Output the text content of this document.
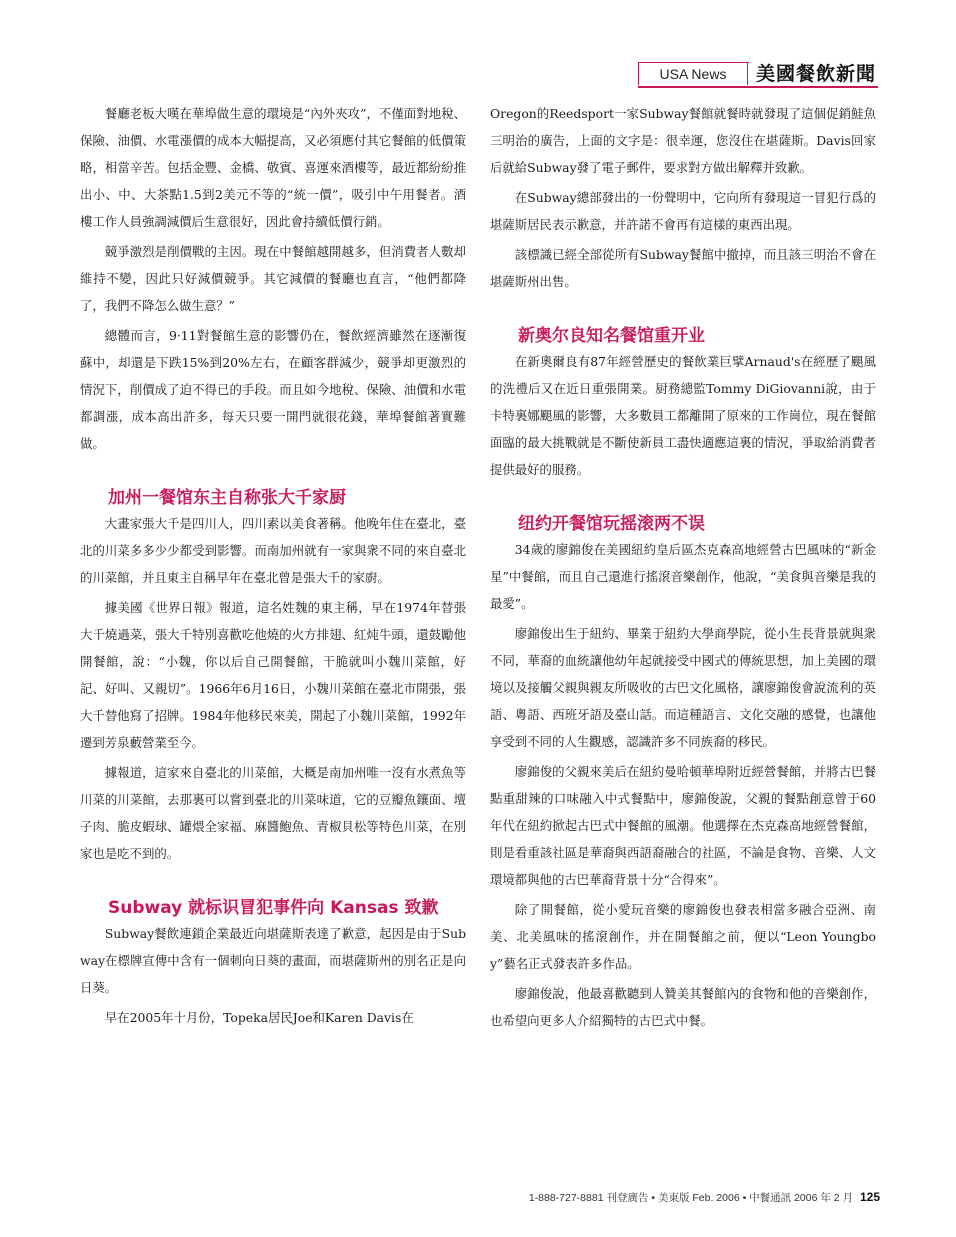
USA News	美國餐飲新聞

餐廳老板大嘆在華埠做生意的環境是“內外夾攻”，不僅面對地稅、保險、油價、水電漲價的成本大幅提高，又必須應付其它餐館的低價策略，相當辛苦。包括金豐、金橋、敬賓、喜運來酒樓等，最近都紛紛推出小、中、大茶點1.5到2美元不等的“統一價”，吸引中午用餐者。酒樓工作人員強調減價后生意很好，因此會持續低價行銷。

競爭激烈是削價戰的主因。現在中餐館越開越多，但消費者人數却維持不變，因此只好減價競爭。其它減價的餐廳也直言，“他們都降了，我們不降怎么做生意？”

總體而言，9·11對餐館生意的影響仍在，餐飲經濟雖然在逐漸復蘇中，却還是下跌15%到20%左右，在顧客群減少，競爭却更激烈的情況下，削價成了迫不得已的手段。而且如今地稅、保險、油價和水電都調漲，成本高出許多，每天只要一開門就很花錢，華埠餐館著實難做。

加州一餐馆东主自称张大千家厨

大畫家張大千是四川人，四川素以美食著稱。他晚年住在臺北，臺北的川菜多多少少都受到影響。而南加州就有一家與衆不同的來自臺北的川菜館，并且東主自稱早年在臺北曾是張大千的家廚。

據美國《世界日報》報道，這名姓魏的東主稱，早在1974年替張大千燒過菜，張大千特別喜歡吃他燒的火方排翅、紅炖牛頭，還鼓勵他開餐館，說：“小魏，你以后自己開餐館，干脆就叫小魏川菜館，好記、好叫、又親切”。1966年6月16日，小魏川菜館在臺北市開張，張大千替他寫了招牌。1984年他移民來美，開起了小魏川菜館，1992年遷到芳泉藪營業至今。

據報道，這家來自臺北的川菜館，大概是南加州唯一沒有水煮魚等川菜的川菜館，去那裏可以嘗到臺北的川菜味道，它的豆瓣魚鑲面、壇子肉、脆皮蝦球、罐煨全家福、麻醬鮑魚、青椒貝松等特色川菜，在別家也是吃不到的。

Subway 就标识冒犯事件向 Kansas 致歉

Subway餐飲連鎖企業最近向堪薩斯表達了歉意，起因是由于Subway在標牌宣傳中含有一個刺向日葵的畫面，而堪薩斯州的別名正是向日葵。

早在2005年十月份，Topeka居民Joe和Karen Davis在

Oregon的Reedsport一家Subway餐館就餐時就發現了這個促銷鮭魚三明治的廣告，上面的文字是：很幸運，您沒住在堪薩斯。Davis回家后就給Subway發了電子郵件，要求對方做出解釋并致歉。

在Subway總部發出的一份聲明中，它向所有發現這一冒犯行爲的堪薩斯居民表示歉意，并許諾不會再有這樣的東西出現。

該標識已經全部從所有Subway餐館中撤掉，而且該三明治不會在堪薩斯州出售。

新奥尔良知名餐馆重开业

在新奧爾良有87年經營歷史的餐飲業巨擘Arnaud's在經歷了颶風的洗禮后又在近日重張開業。厨務總監Tommy DiGiovanni說，由于卡特裏娜颶風的影響，大多數員工都離開了原來的工作崗位，現在餐館面臨的最大挑戰就是不斷使新員工盡快適應這裏的情況，爭取給消費者提供最好的服務。

纽约开餐馆玩摇滚两不误

34歲的廖錦俊在美國紐約皇后區杰克森高地經營古巴風味的“新金星”中餐館，而且自己還進行搖滾音樂創作，他說，“美食與音樂是我的最愛”。

廖錦俊出生于紐約、畢業于紐約大學商學院，從小生長背景就與衆不同，華裔的血統讓他幼年起就接受中國式的傳統思想，加上美國的環境以及接觸父親與親友所吸收的古巴文化風格，讓廖錦俊會說流利的英語、粵語、西班牙語及臺山話。而這種語言、文化交融的感覺，也讓他享受到不同的人生觀感，認識許多不同族裔的移民。

廖錦俊的父親來美后在紐約曼哈頓華埠附近經營餐館，并將古巴餐點重甜辣的口味融入中式餐點中，廖錦俊說，父親的餐點創意曾于60年代在紐約掀起古巴式中餐館的風潮。他選擇在杰克森高地經營餐館，則是看重該社區是華裔與西語裔融合的社區，不論是食物、音樂、人文環境都與他的古巴華裔背景十分“合得來”。

除了開餐館，從小愛玩音樂的廖錦俊也發表相當多融合亞洲、南美、北美風味的搖滾創作，并在開餐館之前，便以“Leon Youngboy”藝名正式發表許多作品。

廖錦俊說，他最喜歡聽到人贊美其餐館內的食物和他的音樂創作，也希望向更多人介紹獨特的古巴式中餐。

1-888-727-8881 刊登廣告 • 美東版 Feb. 2006 • 中餐通訊 2006 年 2 月 125
